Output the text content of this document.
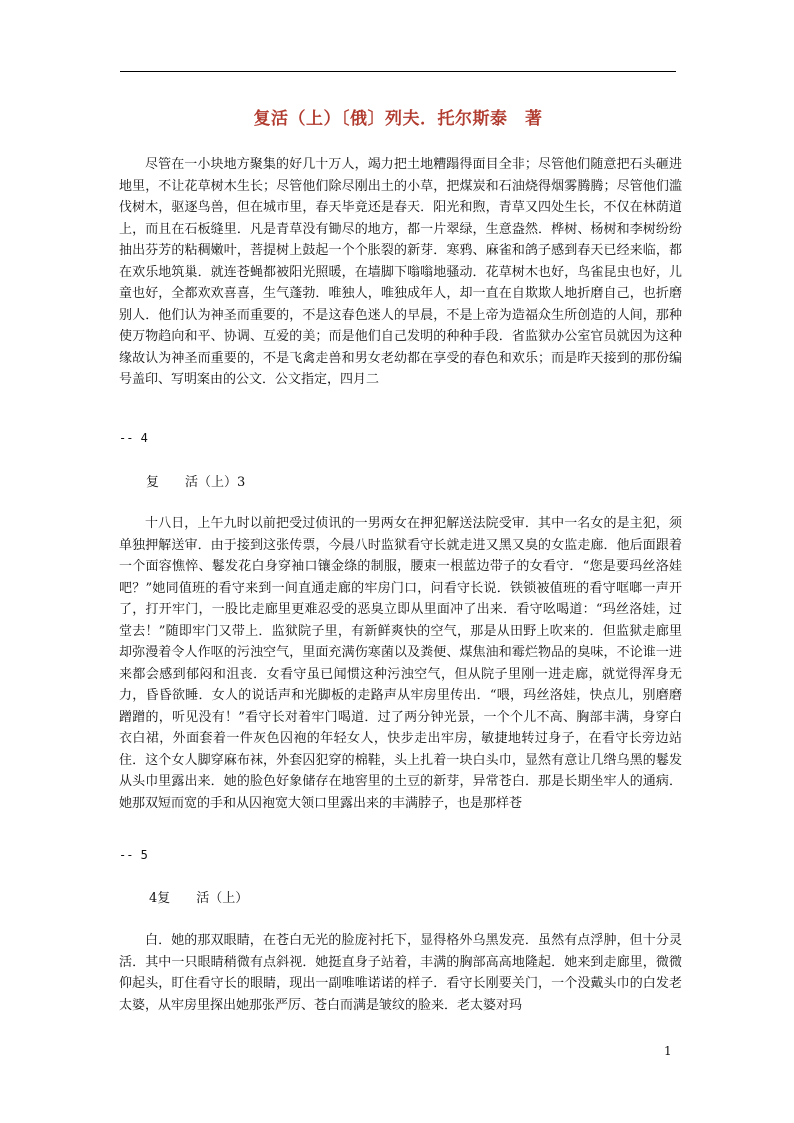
复活（上）〔俄〕列夫．托尔斯泰　著

尽管在一小块地方聚集的好几十万人，竭力把土地糟蹋得面目全非；尽管他们随意把石头砸进地里，不让花草树木生长；尽管他们除尽刚出土的小草，把煤炭和石油烧得烟雾腾腾；尽管他们滥伐树木，驱逐鸟兽，但在城市里，春天毕竟还是春天．阳光和煦，青草又四处生长，不仅在林荫道上，而且在石板缝里．凡是青草没有锄尽的地方，都一片翠绿，生意盎然．桦树、杨树和李树纷纷抽出芬芳的粘稠嫩叶，菩提树上鼓起一个个胀裂的新芽．寒鸦、麻雀和鸽子感到春天已经来临，都在欢乐地筑巢．就连苍蝇都被阳光照暖，在墙脚下嗡嗡地骚动．花草树木也好，鸟雀昆虫也好，儿童也好，全都欢欢喜喜，生气蓬勃．唯独人，唯独成年人，却一直在自欺欺人地折磨自己，也折磨别人．他们认为神圣而重要的，不是这春色迷人的早晨，不是上帝为造福众生所创造的人间，那种使万物趋向和平、协调、互爱的美；而是他们自己发明的种种手段．省监狱办公室官员就因为这种缘故认为神圣而重要的，不是飞禽走兽和男女老幼都在享受的春色和欢乐；而是昨天接到的那份编号盖印、写明案由的公文．公文指定，四月二

-- 4
复　　活（上）3

十八日，上午九时以前把受过侦讯的一男两女在押犯解送法院受审．其中一名女的是主犯，须单独押解送审．由于接到这张传票，今晨八时监狱看守长就走进又黑又臭的女监走廊．他后面跟着一个面容憔悴、鬈发花白身穿袖口镶金绦的制服，腰束一根蓝边带子的女看守．“您是要玛丝洛娃吧？”她同值班的看守来到一间直通走廊的牢房门口，问看守长说．铁锁被值班的看守哐啷一声开了，打开牢门，一股比走廊里更难忍受的恶臭立即从里面冲了出来．看守吆喝道：“玛丝洛娃，过堂去！”随即牢门又带上．监狱院子里，有新鲜爽快的空气，那是从田野上吹来的．但监狱走廊里却弥漫着令人作呕的污浊空气，里面充满伤寒菌以及粪便、煤焦油和霉烂物品的臭味，不论谁一进来都会感到郁闷和沮丧．女看守虽已闻惯这种污浊空气，但从院子里刚一进走廊，就觉得浑身无力，昏昏欲睡．女人的说话声和光脚板的走路声从牢房里传出．“喂，玛丝洛娃，快点儿，别磨磨蹭蹭的，听见没有！”看守长对着牢门喝道．过了两分钟光景，一个个儿不高、胸部丰满，身穿白衣白裙，外面套着一件灰色囚袍的年轻女人，快步走出牢房，敏捷地转过身子，在看守长旁边站住．这个女人脚穿麻布袜，外套囚犯穿的棉鞋，头上扎着一块白头巾，显然有意让几绺乌黑的鬈发从头巾里露出来．她的脸色好象储存在地窖里的土豆的新芽，异常苍白．那是长期坐牢人的通病．她那双短而宽的手和从囚袍宽大领口里露出来的丰满脖子，也是那样苍

-- 5
4复　　活（上）

白．她的那双眼睛，在苍白无光的脸庞衬托下，显得格外乌黑发亮．虽然有点浮肿，但十分灵活．其中一只眼睛稍微有点斜视．她挺直身子站着，丰满的胸部高高地隆起．她来到走廊里，微微仰起头，盯住看守长的眼睛，现出一副唯唯诺诺的样子．看守长刚要关门，一个没戴头巾的白发老太婆，从牢房里探出她那张严厉、苍白而满是皱纹的脸来．老太婆对玛

1
